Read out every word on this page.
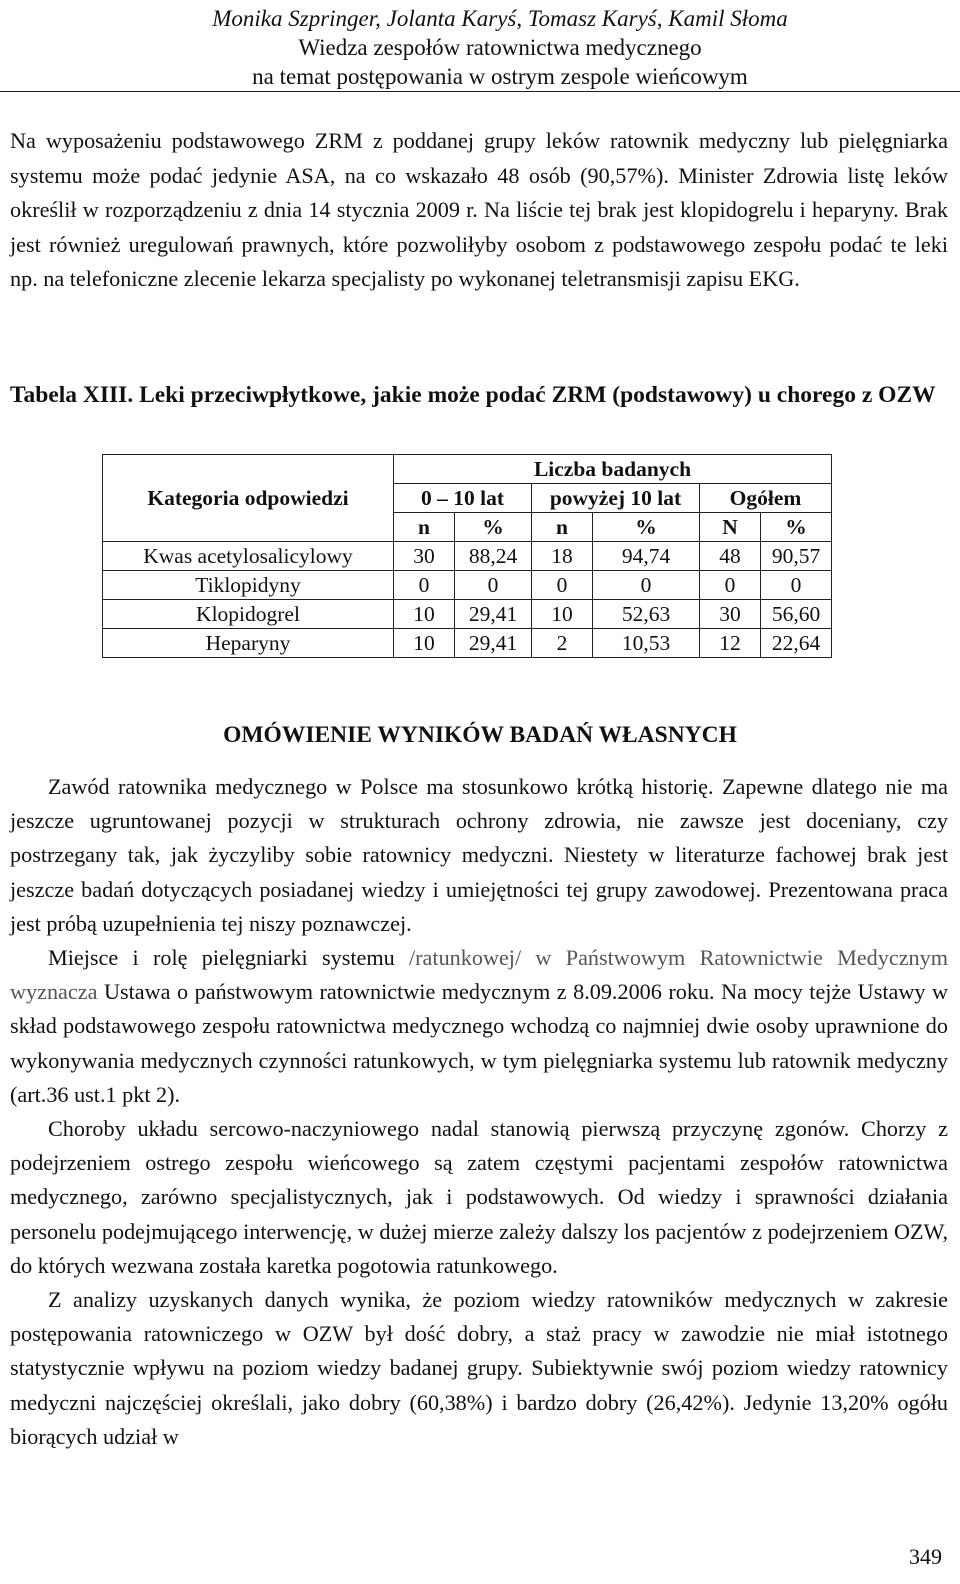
Monika Szpringer, Jolanta Karyś, Tomasz Karyś, Kamil Słoma
Wiedza zespołów ratownictwa medycznego
na temat postępowania w ostrym zespole wieńcowym

Na wyposażeniu podstawowego ZRM z poddanej grupy leków ratownik medyczny lub pielęgniarka systemu może podać jedynie ASA, na co wskazało 48 osób (90,57%). Minister Zdrowia listę leków określił w rozporządzeniu z dnia 14 stycznia 2009 r. Na liście tej brak jest klopidogrelu i heparyny. Brak jest również uregulowań prawnych, które pozwoliłyby osobom z podstawowego zespołu podać te leki np. na telefoniczne zlecenie lekarza specjalisty po wykonanej teletransmisji zapisu EKG.

Tabela XIII. Leki przeciwpłytkowe, jakie może podać ZRM (podstawowy) u chorego z OZW

Kategoria odpowiedzi	Liczba badanych					
	0 – 10 lat		powyżej 10 lat		Ogółem	
	n	%	n	%	N	%
Kwas acetylosalicylowy	30	88,24	18	94,74	48	90,57
Tiklopidyny	0	0	0	0	0	0
Klopidogrel	10	29,41	10	52,63	30	56,60
Heparyny	10	29,41	2	10,53	12	22,64
OMÓWIENIE WYNIKÓW BADAŃ WŁASNYCH

Zawód ratownika medycznego w Polsce ma stosunkowo krótką historię. Zapewne dlatego nie ma jeszcze ugruntowanej pozycji w strukturach ochrony zdrowia, nie zawsze jest doceniany, czy postrzegany tak, jak życzyliby sobie ratownicy medyczni. Niestety w literaturze fachowej brak jest jeszcze badań dotyczących posiadanej wiedzy i umiejętności tej grupy zawodowej. Prezentowana praca jest próbą uzupełnienia tej niszy poznawczej.

Miejsce i rolę pielęgniarki systemu /ratunkowej/ w Państwowym Ratownictwie Medycznym wyznacza Ustawa o państwowym ratownictwie medycznym z 8.09.2006 roku. Na mocy tejże Ustawy w skład podstawowego zespołu ratownictwa medycznego wchodzą co najmniej dwie osoby uprawnione do wykonywania medycznych czynności ratunkowych, w tym pielęgniarka systemu lub ratownik medyczny (art.36 ust.1 pkt 2).

Choroby układu sercowo-naczyniowego nadal stanowią pierwszą przyczynę zgonów. Chorzy z podejrzeniem ostrego zespołu wieńcowego są zatem częstymi pacjentami zespołów ratownictwa medycznego, zarówno specjalistycznych, jak i podstawowych. Od wiedzy i sprawności działania personelu podejmującego interwencję, w dużej mierze zależy dalszy los pacjentów z podejrzeniem OZW, do których wezwana została karetka pogotowia ratunkowego.

Z analizy uzyskanych danych wynika, że poziom wiedzy ratowników medycznych w zakresie postępowania ratowniczego w OZW był dość dobry, a staż pracy w zawodzie nie miał istotnego statystycznie wpływu na poziom wiedzy badanej grupy. Subiektywnie swój poziom wiedzy ratownicy medyczni najczęściej określali, jako dobry (60,38%) i bardzo dobry (26,42%). Jedynie 13,20% ogółu biorących udział w

349
